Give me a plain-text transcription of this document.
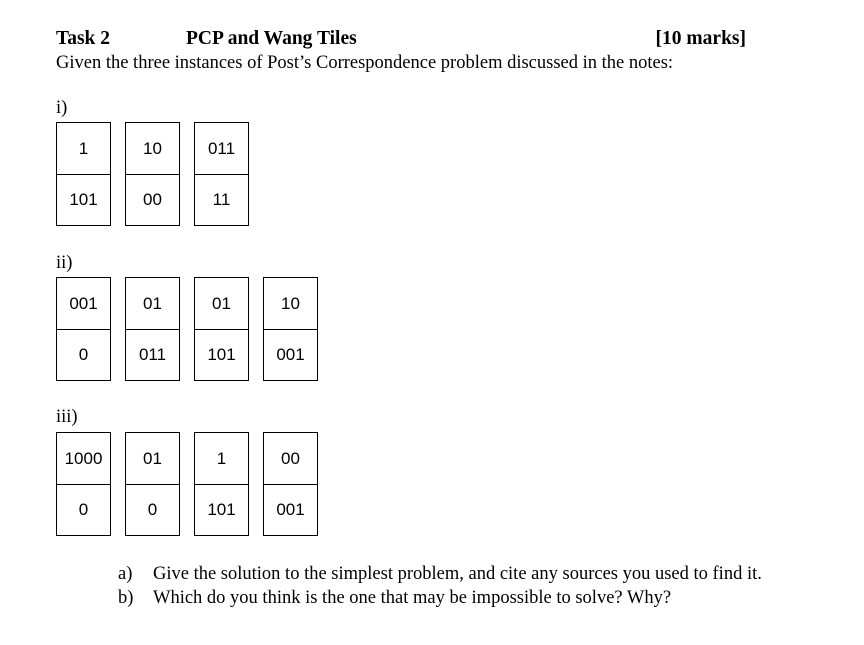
Task 2	PCP and Wang Tiles	[10 marks]
Given the three instances of Post’s Correspondence problem discussed in the notes:
i)
1
101
10
00
011
11
ii)
001
0
01
011
01
101
10
001
iii)
1000
0
01
0
1
101
00
001
a) Give the solution to the simplest problem, and cite any sources you used to find it.
b) Which do you think is the one that may be impossible to solve? Why?
